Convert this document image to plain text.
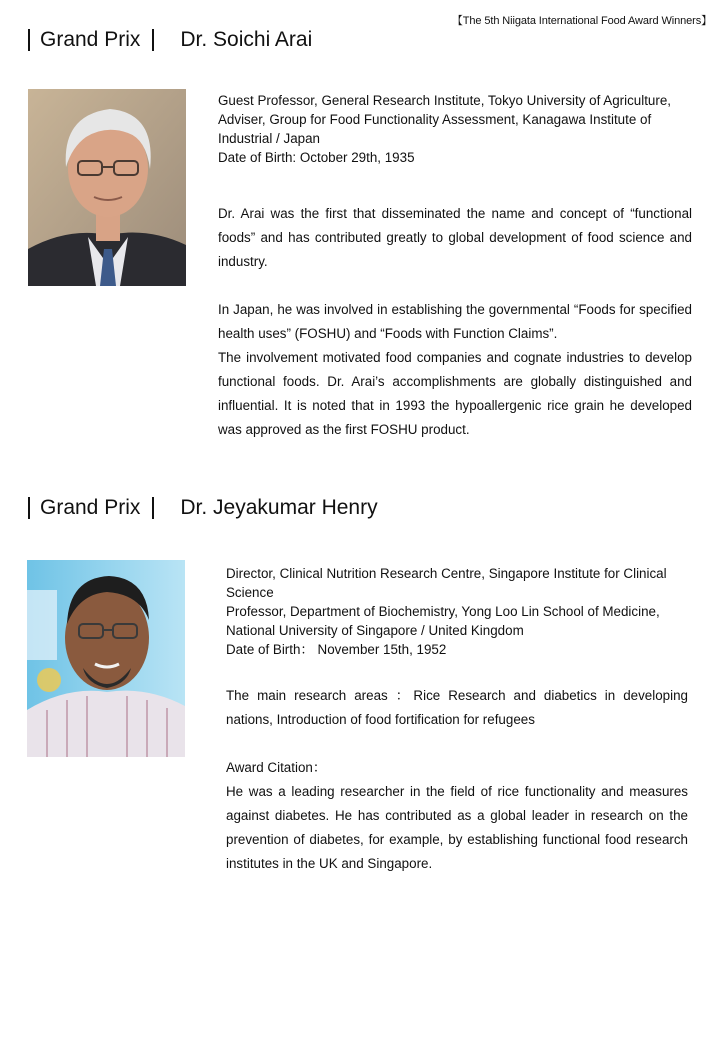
【The 5th Niigata International Food Award Winners】
Grand Prix Dr. Soichi Arai

Guest Professor, General Research Institute, Tokyo University of Agriculture,

Adviser, Group for Food Functionality Assessment, Kanagawa Institute of Industrial / Japan

Date of Birth: October 29th, 1935

Dr. Arai was the first that disseminated the name and concept of “functional foods” and has contributed greatly to global development of food science and industry.

In Japan, he was involved in establishing the governmental “Foods for specified health uses” (FOSHU) and “Foods with Function Claims”.

The involvement motivated food companies and cognate industries to develop functional foods. Dr. Arai’s accomplishments are globally distinguished and influential. It is noted that in 1993 the hypoallergenic rice grain he developed was approved as the first FOSHU product.

Grand Prix Dr. Jeyakumar Henry

Director, Clinical Nutrition Research Centre, Singapore Institute for Clinical Science

Professor, Department of Biochemistry, Yong Loo Lin School of Medicine, National University of Singapore / United Kingdom

Date of Birth： November 15th, 1952

The main research areas ：Rice Research and diabetics in developing nations, Introduction of food fortification for refugees

Award Citation：

He was a leading researcher in the field of rice functionality and measures against diabetes. He has contributed as a global leader in research on the prevention of diabetes, for example, by establishing functional food research institutes in the UK and Singapore.
